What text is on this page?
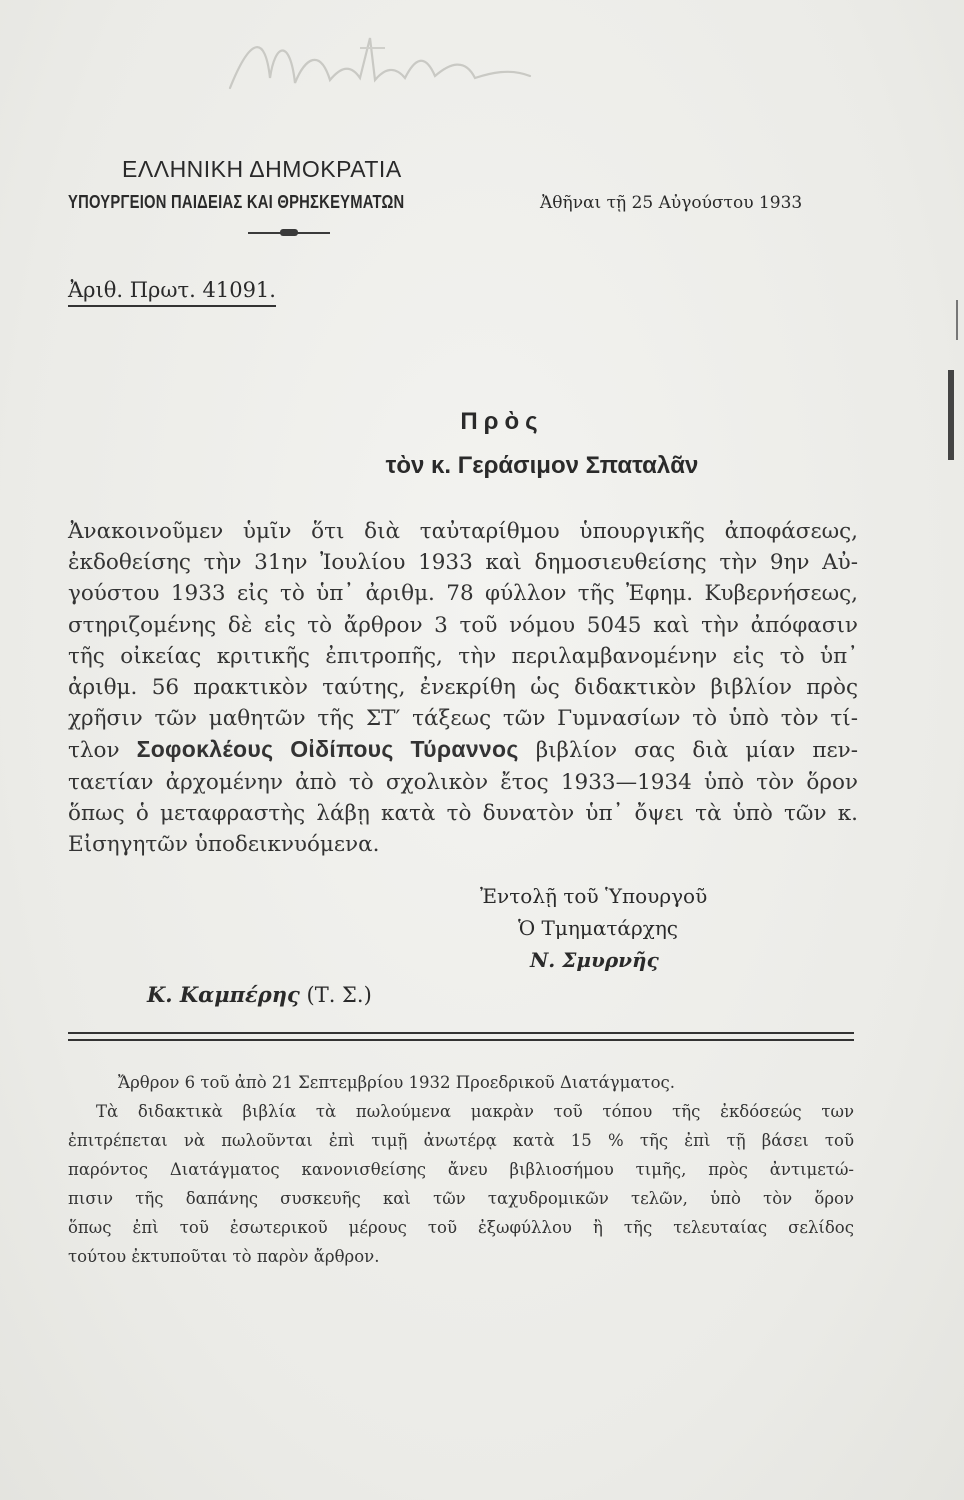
ΕΛΛΗΝΙΚΗ ΔΗΜΟΚΡΑΤΙΑ
ΥΠΟΥΡΓΕΙΟΝ ΠΑΙΔΕΙΑΣ ΚΑΙ ΘΡΗΣΚΕΥΜΑΤΩΝ	Ἀθῆναι τῇ 25 Αὐγούστου 1933
Ἀριθ. Πρωτ. 41091.
Πρὸς
τὸν κ. Γεράσιμον Σπαταλᾶν
Ἀνακοινοῦμεν ὑμῖν ὅτι διὰ ταὐταρίθμου ὑπουργικῆς ἀποφάσεως,
ἐκδοθείσης τὴν 31ην Ἰουλίου 1933 καὶ δημοσιευθείσης τὴν 9ην Αὐ-
γούστου 1933 εἰς τὸ ὑπ᾽ ἀριθμ. 78 φύλλον τῆς Ἐφημ. Κυβερνήσεως,
στηριζομένης δὲ εἰς τὸ ἄρθρον 3 τοῦ νόμου 5045 καὶ τὴν ἀπόφασιν
τῆς οἰκείας κριτικῆς ἐπιτροπῆς, τὴν περιλαμβανομένην εἰς τὸ ὑπ᾽
ἀριθμ. 56 πρακτικὸν ταύτης, ἐνεκρίθη ὡς διδακτικὸν βιβλίον πρὸς
χρῆσιν τῶν μαθητῶν τῆς ΣΤ′ τάξεως τῶν Γυμνασίων τὸ ὑπὸ τὸν τί-
τλον Σοφοκλέους Οἰδίπους Τύραννος βιβλίον σας διὰ μίαν πεν-
ταετίαν ἀρχομένην ἀπὸ τὸ σχολικὸν ἔτος 1933—1934 ὑπὸ τὸν ὅρον
ὅπως ὁ μεταφραστὴς λάβῃ κατὰ τὸ δυνατὸν ὑπ᾽ ὄψει τὰ ὑπὸ τῶν κ.
Εἰσηγητῶν ὑποδεικνυόμενα.
Ἐντολῇ τοῦ Ὑπουργοῦ
Ὁ Τμηματάρχης
Ν. Σμυρνῆς
Κ. Καμπέρης (Τ. Σ.)
Ἄρθρον 6 τοῦ ἀπὸ 21 Σεπτεμβρίου 1932 Προεδρικοῦ Διατάγματος.
Τὰ διδακτικὰ βιβλία τὰ πωλούμενα μακρὰν τοῦ τόπου τῆς ἐκδόσεώς των
ἐπιτρέπεται νὰ πωλοῦνται ἐπὶ τιμῇ ἀνωτέρᾳ κατὰ 15 % τῆς ἐπὶ τῇ βάσει τοῦ
παρόντος Διατάγματος κανονισθείσης ἄνευ βιβλιοσήμου τιμῆς, πρὸς ἀντιμετώ-
πισιν τῆς δαπάνης συσκευῆς καὶ τῶν ταχυδρομικῶν τελῶν, ὑπὸ τὸν ὅρον
ὅπως ἐπὶ τοῦ ἐσωτερικοῦ μέρους τοῦ ἐξωφύλλου ἢ τῆς τελευταίας σελίδος
τούτου ἐκτυποῦται τὸ παρὸν ἄρθρον.
